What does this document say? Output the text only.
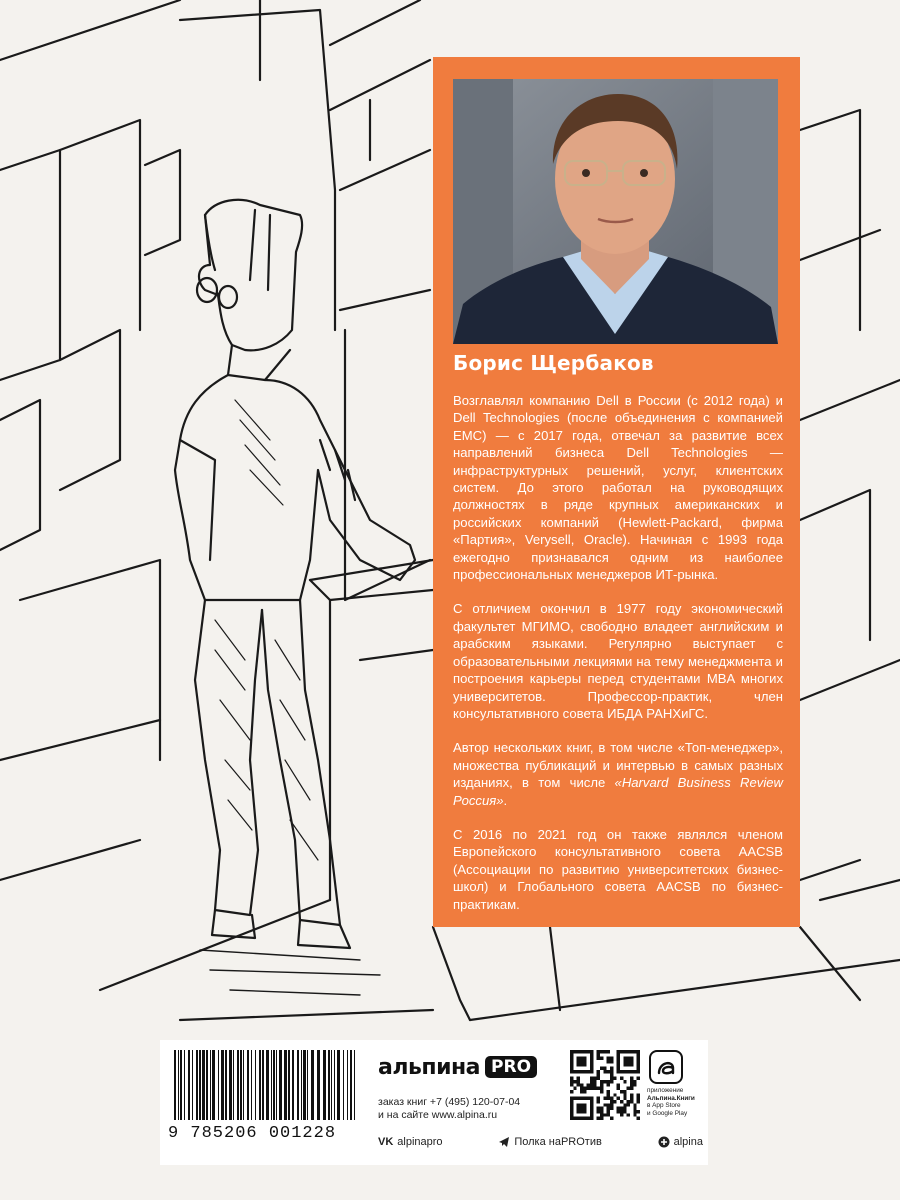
Борис Щербаков

Возглавлял компанию Dell в России (с 2012 года) и Dell Technologies (после объединения с компанией EMC) — с 2017 года, отвечал за развитие всех направлений бизнеса Dell Technologies — инфраструктурных решений, услуг, клиентских систем. До этого работал на руководящих должностях в ряде крупных американских и российских компаний (Hewlett-Packard, фирма «Партия», Verysell, Oracle). Начиная с 1993 года ежегодно признавался одним из наиболее профессиональных менеджеров ИТ-рынка.

С отличием окончил в 1977 году экономический факультет МГИМО, свободно владеет английским и арабским языками. Регулярно выступает с образовательными лекциями на тему менеджмента и построения карьеры перед студентами MBA многих университетов. Профессор-практик, член консультативного совета ИБДА РАНХиГС.

Автор нескольких книг, в том числе «Топ-менеджер», множества публикаций и интервью в самых разных изданиях, в том числе «Harvard Business Review Россия».

С 2016 по 2021 год он также являлся членом Европейского консультативного совета AACSB (Ассоциации по развитию университетских бизнес-школ) и Глобального совета AACSB по бизнес-практикам.

9 785206 001228
альпина PRO
заказ книг +7 (495) 120-07-04
и на сайте www.alpina.ru
VK alpinapro	Полка наPROтив	alpina
приложение
Альпина.Книги
в App Store
и Google Play
